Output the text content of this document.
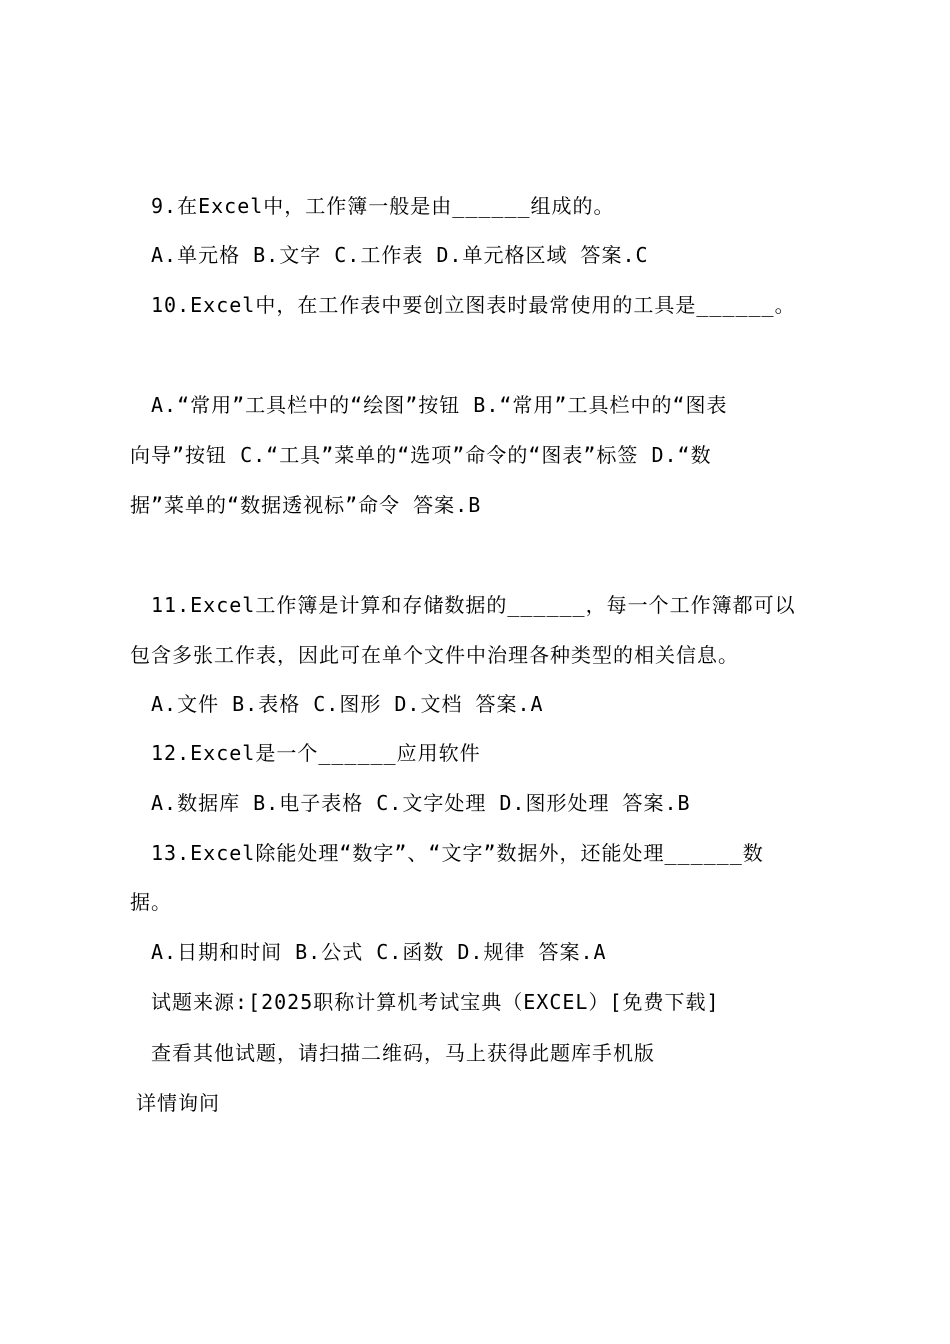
　9.在Excel中，工作簿一般是由______组成的。
　A.单元格 B.文字 C.工作表 D.单元格区域 答案.C
　10.Excel中，在工作表中要创立图表时最常使用的工具是______。
　A.“常用”工具栏中的“绘图”按钮 B.“常用”工具栏中的“图表
向导”按钮 C.“工具”菜单的“选项”命令的“图表”标签 D.“数
据”菜单的“数据透视标”命令 答案.B
　11.Excel工作簿是计算和存储数据的______，每一个工作簿都可以
包含多张工作表，因此可在单个文件中治理各种类型的相关信息。
　A.文件 B.表格 C.图形 D.文档 答案.A
　12.Excel是一个______应用软件
　A.数据库 B.电子表格 C.文字处理 D.图形处理 答案.B
　13.Excel除能处理“数字”、“文字”数据外，还能处理______数
据。
　A.日期和时间 B.公式 C.函数 D.规律 答案.A
　试题来源:[2025职称计算机考试宝典（EXCEL）[免费下载]
　查看其他试题，请扫描二维码，马上获得此题库手机版
详情询问
